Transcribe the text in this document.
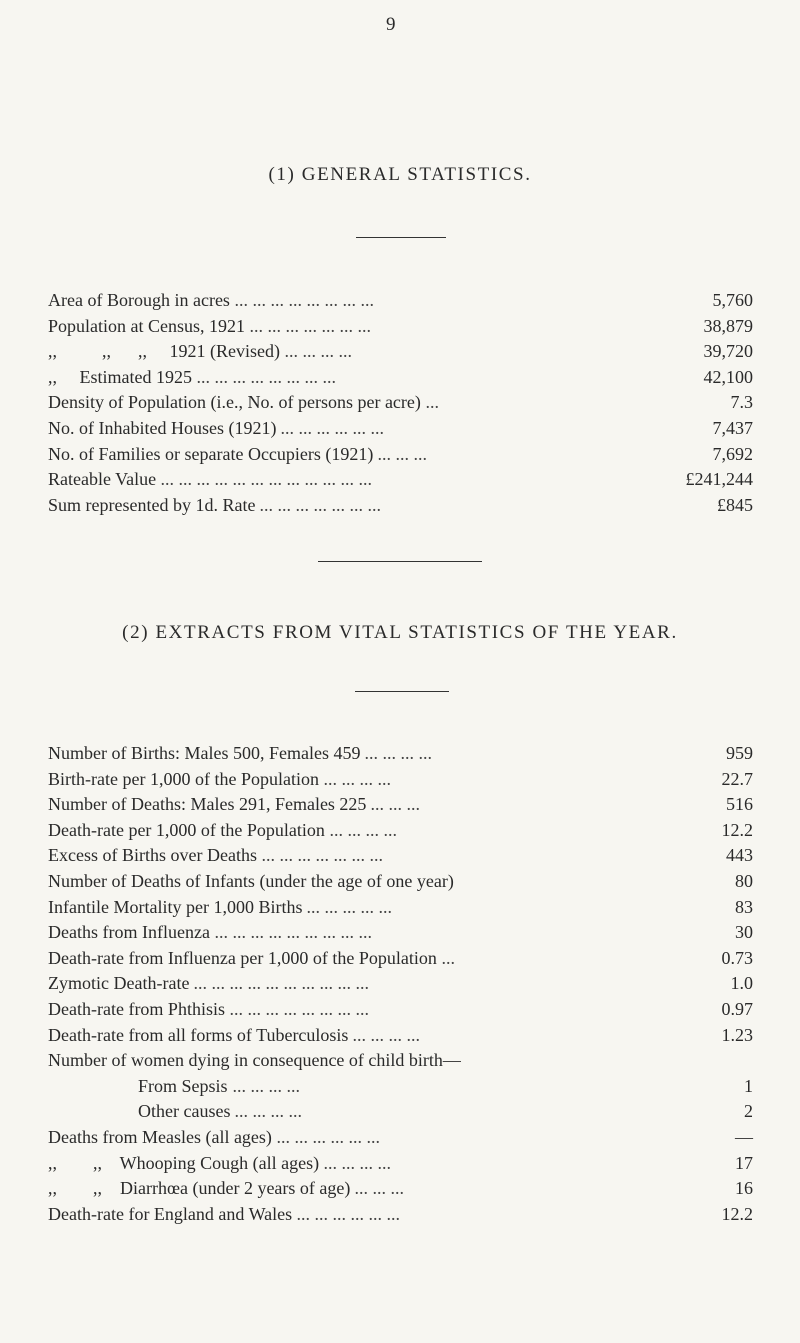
9
(1) GENERAL STATISTICS.
Area of Borough in acres ... ... ... ... ... ... ... ...	5,760
Population at Census, 1921 ... ... ... ... ... ... ...	38,879
,,          ,,      ,,     1921 (Revised) ... ... ... ...	39,720
,,     Estimated 1925 ... ... ... ... ... ... ... ...	42,100
Density of Population (i.e., No. of persons per acre) ...	7.3
No. of Inhabited Houses (1921) ... ... ... ... ... ...	7,437
No. of Families or separate Occupiers (1921) ... ... ...	7,692
Rateable Value ... ... ... ... ... ... ... ... ... ... ... ...	£241,244
Sum represented by 1d. Rate ... ... ... ... ... ... ...	£845
(2) EXTRACTS FROM VITAL STATISTICS OF THE YEAR.
Number of Births: Males 500, Females 459 ... ... ... ...	959
Birth-rate per 1,000 of the Population ... ... ... ...	22.7
Number of Deaths: Males 291, Females 225 ... ... ...	516
Death-rate per 1,000 of the Population ... ... ... ...	12.2
Excess of Births over Deaths ... ... ... ... ... ... ...	443
Number of Deaths of Infants (under the age of one year)	80
Infantile Mortality per 1,000 Births ... ... ... ... ...	83
Deaths from Influenza ... ... ... ... ... ... ... ... ...	30
Death-rate from Influenza per 1,000 of the Population ...	0.73
Zymotic Death-rate ... ... ... ... ... ... ... ... ... ...	1.0
Death-rate from Phthisis ... ... ... ... ... ... ... ...	0.97
Death-rate from all forms of Tuberculosis ... ... ... ...	1.23
Number of women dying in consequence of child birth—
From Sepsis ... ... ... ...	1
Other causes ... ... ... ...	2
Deaths from Measles (all ages) ... ... ... ... ... ...	—
,,        ,,    Whooping Cough (all ages) ... ... ... ...	17
,,        ,,    Diarrhœa (under 2 years of age) ... ... ...	16
Death-rate for England and Wales ... ... ... ... ... ...	12.2
